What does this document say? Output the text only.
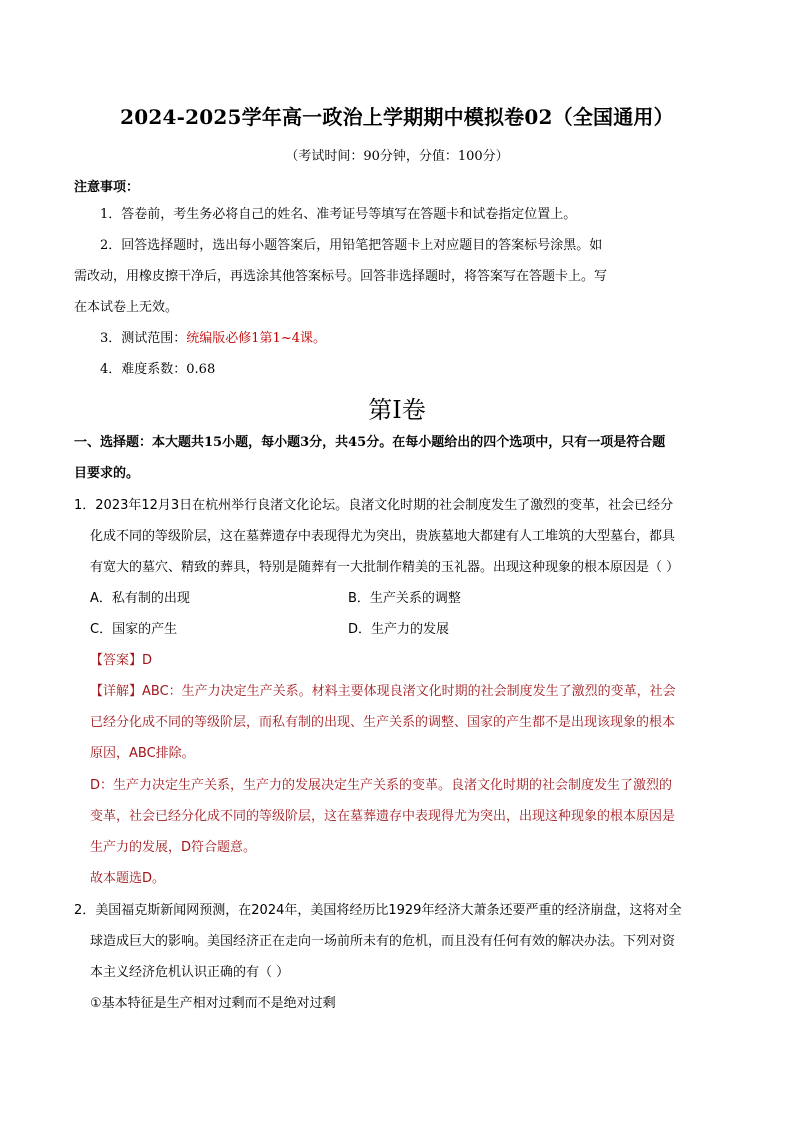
2024-2025学年高一政治上学期期中模拟卷02（全国通用）
（考试时间：90分钟，分值：100分）
注意事项：
1．答卷前，考生务必将自己的姓名、准考证号等填写在答题卡和试卷指定位置上。
2．回答选择题时，选出每小题答案后，用铅笔把答题卡上对应题目的答案标号涂黑。如
需改动，用橡皮擦干净后，再选涂其他答案标号。回答非选择题时，将答案写在答题卡上。写
在本试卷上无效。
3．测试范围：统编版必修1第1~4课。
4．难度系数：0.68
第Ⅰ卷
一、选择题：本大题共15小题，每小题3分，共45分。在每小题给出的四个选项中，只有一项是符合题
目要求的。
1．2023年12月3日在杭州举行良渚文化论坛。良渚文化时期的社会制度发生了激烈的变革，社会已经分
化成不同的等级阶层，这在墓葬遗存中表现得尤为突出，贵族墓地大都建有人工堆筑的大型墓台，都具
有宽大的墓穴、精致的葬具，特别是随葬有一大批制作精美的玉礼器。出现这种现象的根本原因是（ ）
A．私有制的出现	B．生产关系的调整
C．国家的产生	D．生产力的发展
【答案】D
【详解】ABC：生产力决定生产关系。材料主要体现良渚文化时期的社会制度发生了激烈的变革，社会
已经分化成不同的等级阶层，而私有制的出现、生产关系的调整、国家的产生都不是出现该现象的根本
原因，ABC排除。
D：生产力决定生产关系，生产力的发展决定生产关系的变革。良渚文化时期的社会制度发生了激烈的
变革，社会已经分化成不同的等级阶层，这在墓葬遗存中表现得尤为突出，出现这种现象的根本原因是
生产力的发展，D符合题意。
故本题选D。
2．美国福克斯新闻网预测，在2024年，美国将经历比1929年经济大萧条还要严重的经济崩盘，这将对全
球造成巨大的影响。美国经济正在走向一场前所未有的危机，而且没有任何有效的解决办法。下列对资
本主义经济危机认识正确的有（ ）
①基本特征是生产相对过剩而不是绝对过剩
